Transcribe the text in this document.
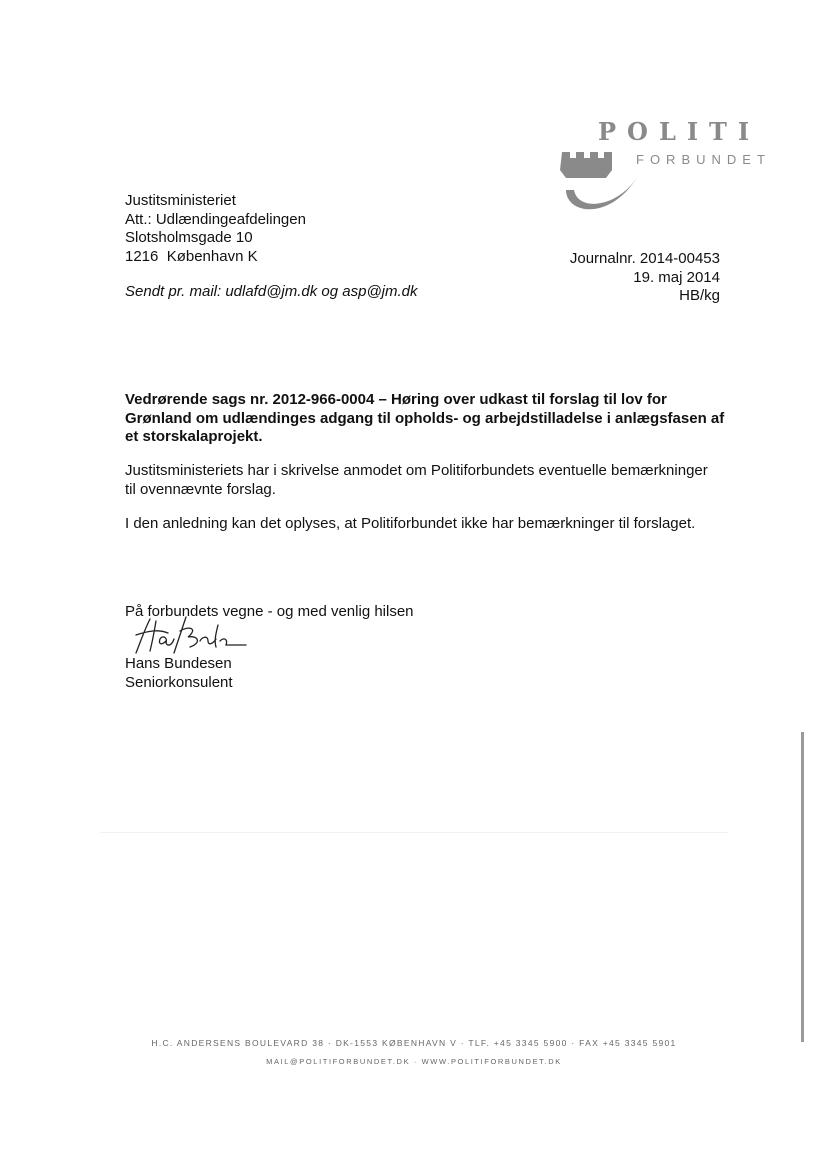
POLITI
FORBUNDET
Justitsministeriet
Att.: Udlændingeafdelingen
Slotsholmsgade 10
1216  København K
Sendt pr. mail: udlafd@jm.dk og asp@jm.dk
Journalnr. 2014-00453
19. maj 2014
HB/kg
Vedrørende sags nr. 2012-966-0004 – Høring over udkast til forslag til lov for Grønland om udlændinges adgang til opholds- og arbejdstilladelse i anlægsfasen af et storskalaprojekt.
Justitsministeriets har i skrivelse anmodet om Politiforbundets eventuelle bemærkninger til ovennævnte forslag.
I den anledning kan det oplyses, at Politiforbundet ikke har bemærkninger til forslaget.
På forbundets vegne - og med venlig hilsen
Hans Bundesen
Seniorkonsulent
H.C. ANDERSENS BOULEVARD 38 · DK-1553 KØBENHAVN V · TLF. +45 3345 5900 · FAX +45 3345 5901
MAIL@POLITIFORBUNDET.DK · WWW.POLITIFORBUNDET.DK
